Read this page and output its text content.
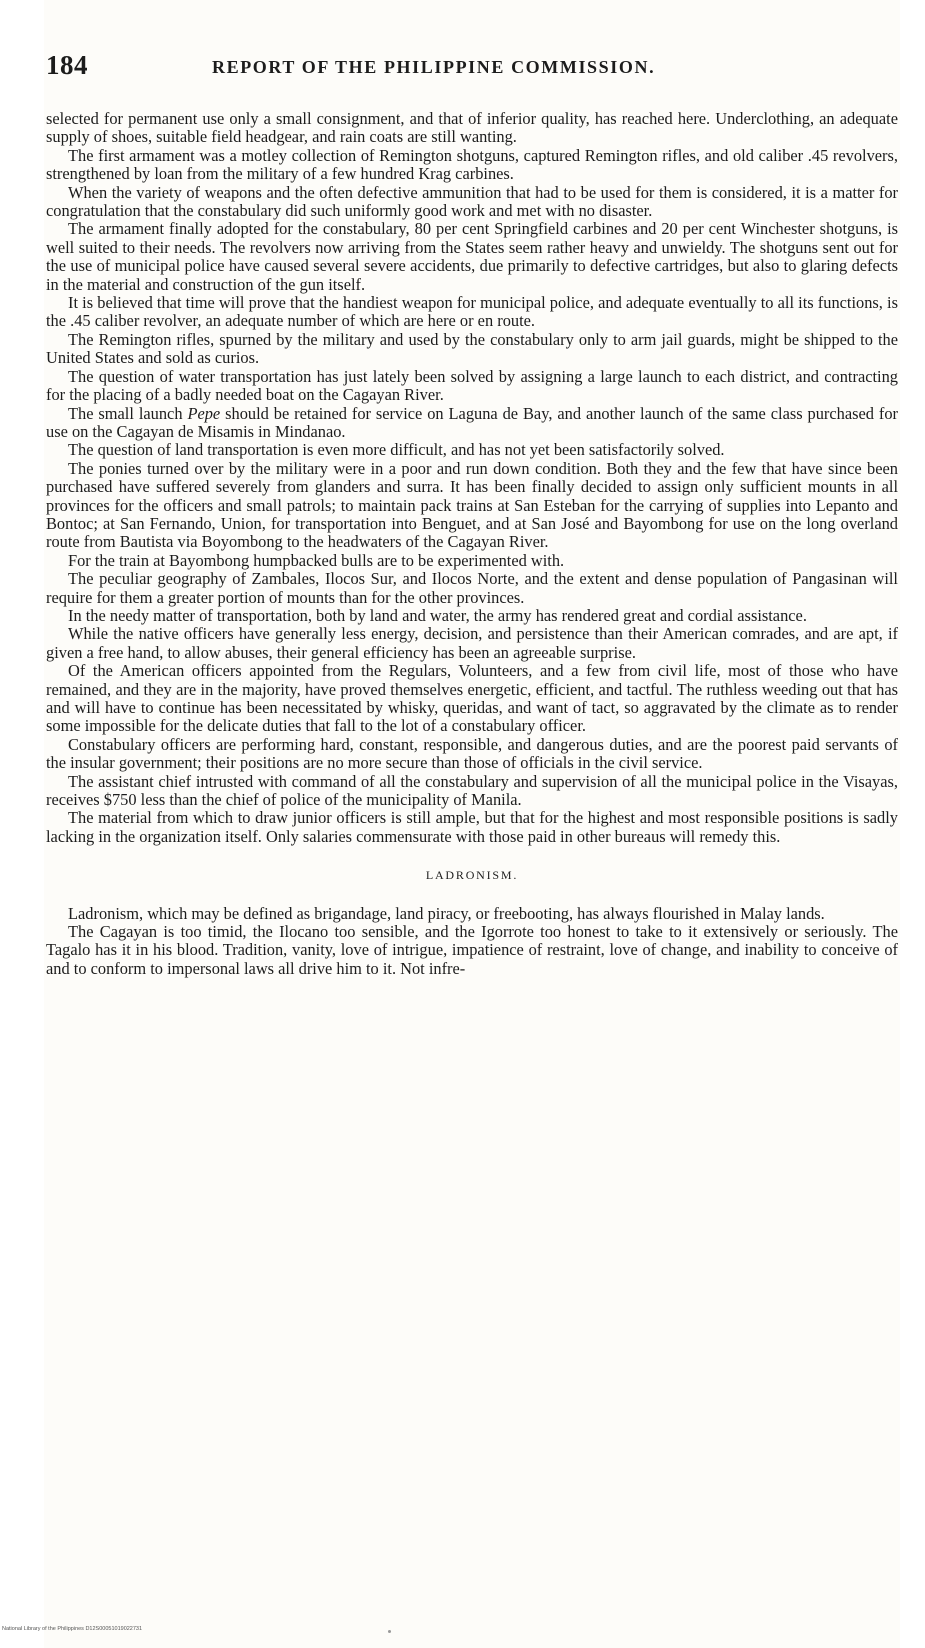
184	REPORT OF THE PHILIPPINE COMMISSION.

selected for permanent use only a small consignment, and that of inferior quality, has reached here. Underclothing, an adequate supply of shoes, suitable field headgear, and rain coats are still wanting.

The first armament was a motley collection of Remington shotguns, captured Remington rifles, and old caliber .45 revolvers, strengthened by loan from the military of a few hundred Krag carbines.

When the variety of weapons and the often defective ammunition that had to be used for them is considered, it is a matter for congratulation that the constabulary did such uniformly good work and met with no disaster.

The armament finally adopted for the constabulary, 80 per cent Springfield carbines and 20 per cent Winchester shotguns, is well suited to their needs. The revolvers now arriving from the States seem rather heavy and unwieldy. The shotguns sent out for the use of municipal police have caused several severe accidents, due primarily to defective cartridges, but also to glaring defects in the material and construction of the gun itself.

It is believed that time will prove that the handiest weapon for municipal police, and adequate eventually to all its functions, is the .45 caliber revolver, an adequate number of which are here or en route.

The Remington rifles, spurned by the military and used by the constabulary only to arm jail guards, might be shipped to the United States and sold as curios.

The question of water transportation has just lately been solved by assigning a large launch to each district, and contracting for the placing of a badly needed boat on the Cagayan River.

The small launch Pepe should be retained for service on Laguna de Bay, and another launch of the same class purchased for use on the Cagayan de Misamis in Mindanao.

The question of land transportation is even more difficult, and has not yet been satisfactorily solved.

The ponies turned over by the military were in a poor and run down condition. Both they and the few that have since been purchased have suffered severely from glanders and surra. It has been finally decided to assign only sufficient mounts in all provinces for the officers and small patrols; to maintain pack trains at San Esteban for the carrying of supplies into Lepanto and Bontoc; at San Fernando, Union, for transportation into Benguet, and at San José and Bayombong for use on the long overland route from Bautista via Boyombong to the headwaters of the Cagayan River.

For the train at Bayombong humpbacked bulls are to be experimented with.

The peculiar geography of Zambales, Ilocos Sur, and Ilocos Norte, and the extent and dense population of Pangasinan will require for them a greater portion of mounts than for the other provinces.

In the needy matter of transportation, both by land and water, the army has rendered great and cordial assistance.

While the native officers have generally less energy, decision, and persistence than their American comrades, and are apt, if given a free hand, to allow abuses, their general efficiency has been an agreeable surprise.

Of the American officers appointed from the Regulars, Volunteers, and a few from civil life, most of those who have remained, and they are in the majority, have proved themselves energetic, efficient, and tactful. The ruthless weeding out that has and will have to continue has been necessitated by whisky, queridas, and want of tact, so aggravated by the climate as to render some impossible for the delicate duties that fall to the lot of a constabulary officer.

Constabulary officers are performing hard, constant, responsible, and dangerous duties, and are the poorest paid servants of the insular government; their positions are no more secure than those of officials in the civil service.

The assistant chief intrusted with command of all the constabulary and supervision of all the municipal police in the Visayas, receives $750 less than the chief of police of the municipality of Manila.

The material from which to draw junior officers is still ample, but that for the highest and most responsible positions is sadly lacking in the organization itself. Only salaries commensurate with those paid in other bureaus will remedy this.

LADRONISM.

Ladronism, which may be defined as brigandage, land piracy, or freebooting, has always flourished in Malay lands.

The Cagayan is too timid, the Ilocano too sensible, and the Igorrote too honest to take to it extensively or seriously. The Tagalo has it in his blood. Tradition, vanity, love of intrigue, impatience of restraint, love of change, and inability to conceive of and to conform to impersonal laws all drive him to it. Not infre-

National Library of the Philippines D12S00051019022731
